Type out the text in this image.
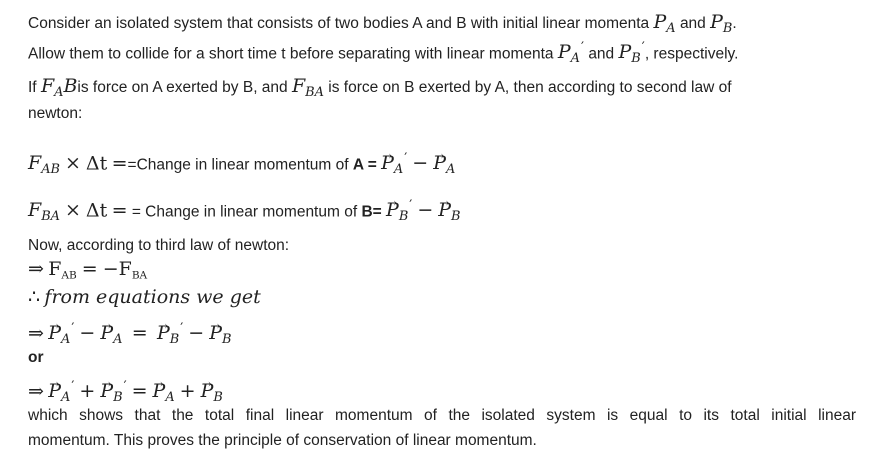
Consider an isolated system that consists of two bodies A and B with initial linear momenta $P_A$ and $P_B$.
Allow them to collide for a short time t before separating with linear momenta $P_A'$ and $P_B'$, respectively.
If $F_ABis$ force on A exerted by B, and $F_{BA}$ is force on B exerted by A, then according to second law of
newton:
$F_{AB} \times \Delta t$ ==Change in linear momentum of A = → $P_A' -\to P_A$
$F_{BA} \times \Delta t$ = = Change in linear momentum of $B= \to P_B' -\to P_B$
Now, according to third law of newton:
⇒ $F_{AB} = -F_{BA}$
∴ from equations we get
⇒ → $P_A' -\to P_A$ = → $P_B' -\to P_B$
or
⇒ → $P_A' +\to P_B' =\to P_A +\to P_B$
which shows that the total final linear momentum of the isolated system is equal to its total initial linear
momentum. This proves the principle of conservation of linear momentum.
